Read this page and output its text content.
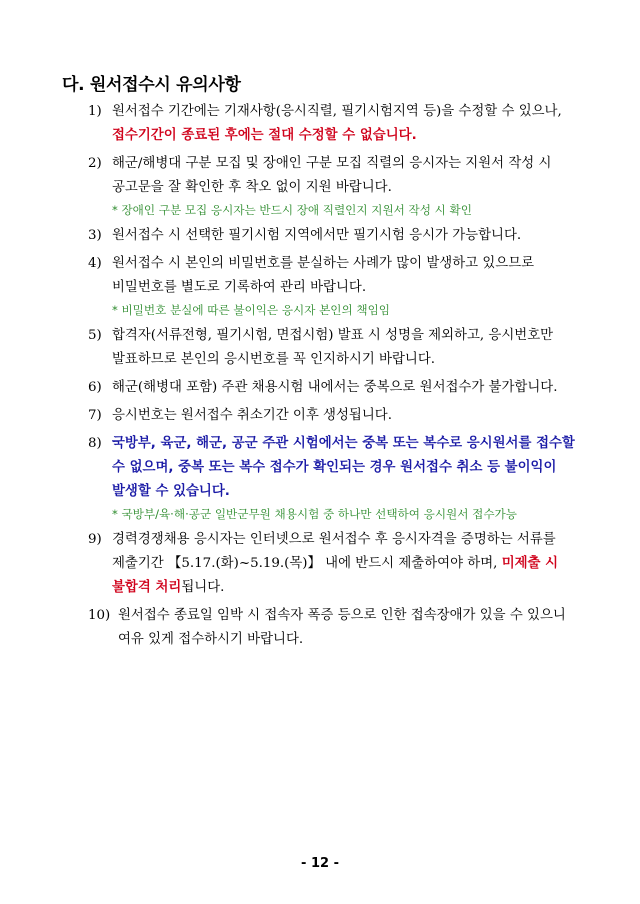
다. 원서접수시 유의사항
1) 원서접수 기간에는 기재사항(응시직렬, 필기시험지역 등)을 수정할 수 있으나,
접수기간이 종료된 후에는 절대 수정할 수 없습니다.
2) 해군/해병대 구분 모집 및 장애인 구분 모집 직렬의 응시자는 지원서 작성 시
공고문을 잘 확인한 후 착오 없이 지원 바랍니다.
* 장애인 구분 모집 응시자는 반드시 장애 직렬인지 지원서 작성 시 확인
3) 원서접수 시 선택한 필기시험 지역에서만 필기시험 응시가 가능합니다.
4) 원서접수 시 본인의 비밀번호를 분실하는 사례가 많이 발생하고 있으므로
비밀번호를 별도로 기록하여 관리 바랍니다.
* 비밀번호 분실에 따른 불이익은 응시자 본인의 책임임
5) 합격자(서류전형, 필기시험, 면접시험) 발표 시 성명을 제외하고, 응시번호만
발표하므로 본인의 응시번호를 꼭 인지하시기 바랍니다.
6) 해군(해병대 포함) 주관 채용시험 내에서는 중복으로 원서접수가 불가합니다.
7) 응시번호는 원서접수 취소기간 이후 생성됩니다.
8) 국방부, 육군, 해군, 공군 주관 시험에서는 중복 또는 복수로 응시원서를 접수할
수 없으며, 중복 또는 복수 접수가 확인되는 경우 원서접수 취소 등 불이익이
발생할 수 있습니다.
* 국방부/육·해·공군 일반군무원 채용시험 중 하나만 선택하여 응시원서 접수가능
9) 경력경쟁채용 응시자는 인터넷으로 원서접수 후 응시자격을 증명하는 서류를
제출기간 【5.17.(화)~5.19.(목)】 내에 반드시 제출하여야 하며, 미제출 시
불합격 처리됩니다.
10) 원서접수 종료일 임박 시 접속자 폭증 등으로 인한 접속장애가 있을 수 있으니
여유 있게 접수하시기 바랍니다.
- 12 -
